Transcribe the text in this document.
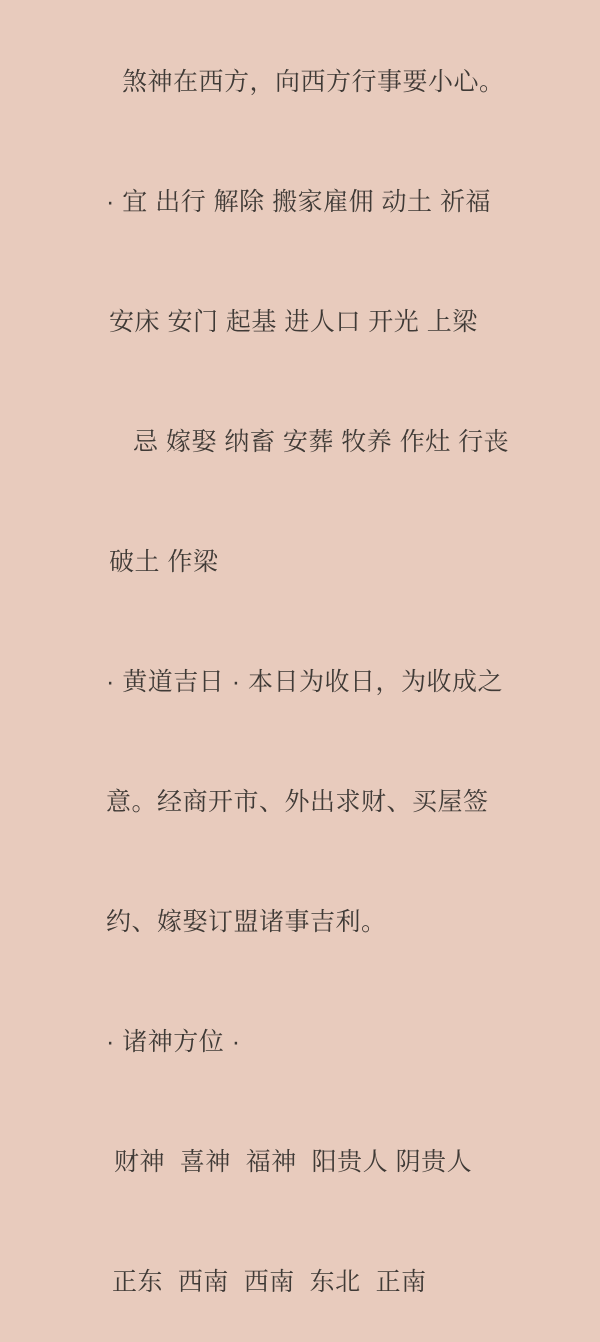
煞神在西方，向西方行事要小心。

· 宜 出行 解除 搬家雇佣 动土 祈福

安床 安门 起基 进人口 开光 上梁

忌 嫁娶 纳畜 安葬 牧养 作灶 行丧

破土 作梁

· 黄道吉日 · 本日为收日，为收成之

意。经商开市、外出求财、买屋签

约、嫁娶订盟诸事吉利。

· 诸神方位 ·

财神  喜神  福神  阳贵人 阴贵人

正东  西南  西南  东北  正南
